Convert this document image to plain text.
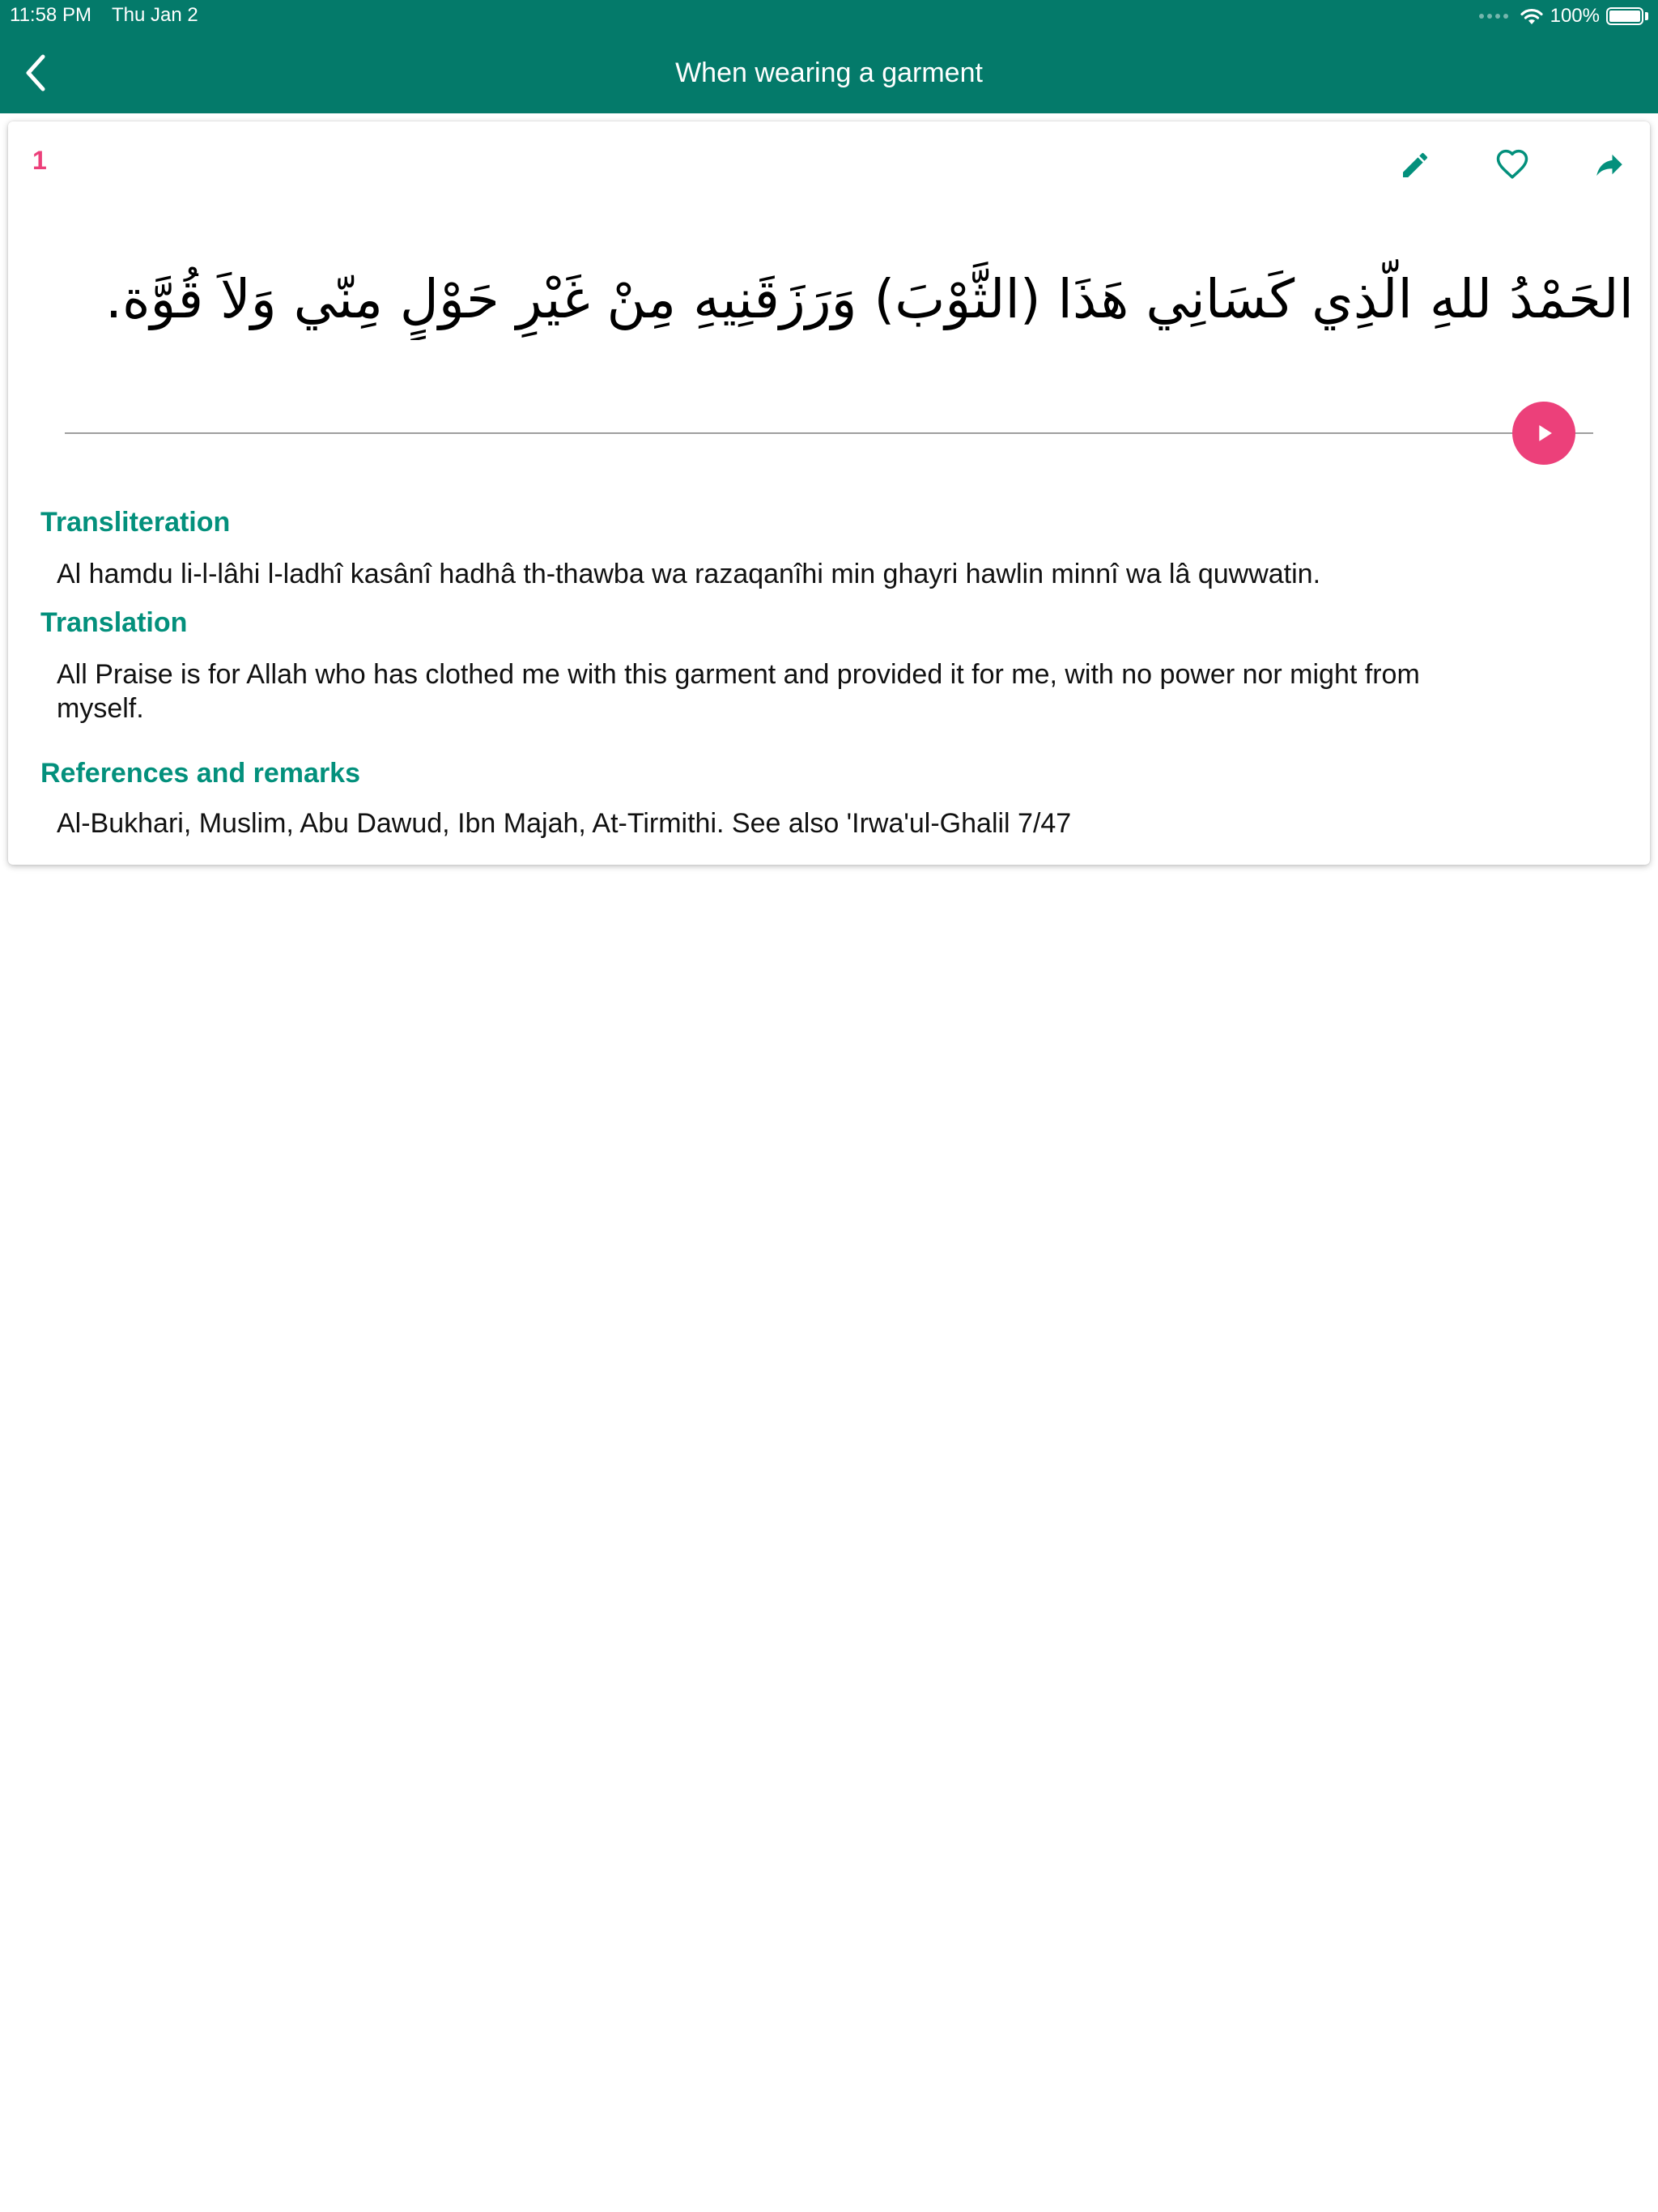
11:58 PM Thu Jan 2	100%
When wearing a garment
1
الحَمْدُ للهِ الّذِي كَسَانِي هَذَا (الثَّوْبَ) وَرَزَقَنِيهِ مِنْ غَيْرِ حَوْلٍ مِنّي وَلاَ قُوَّة.
Transliteration
Al hamdu li-l-lâhi l-ladhî kasânî hadhâ th-thawba wa razaqanîhi min ghayri hawlin minnî wa lâ quwwatin.
Translation
All Praise is for Allah who has clothed me with this garment and provided it for me, with no power nor might from myself.
References and remarks
Al-Bukhari, Muslim, Abu Dawud, Ibn Majah, At-Tirmithi. See also 'Irwa'ul-Ghalil 7/47
